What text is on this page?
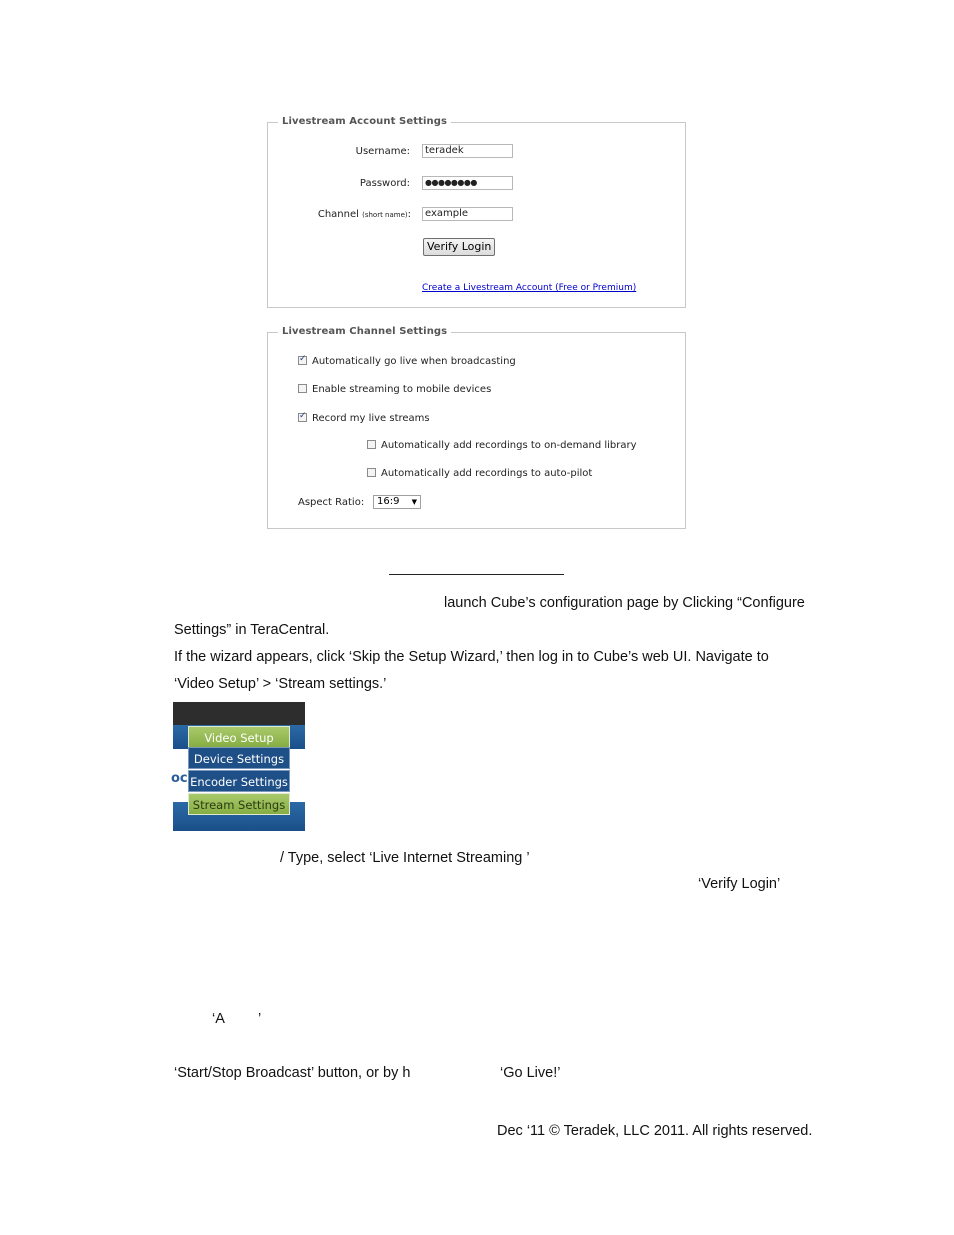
Livestream Account Settings
Username:	teradek
Password:	●●●●●●●●
Channel (short name):	example
Verify Login
Create a Livestream Account (Free or Premium)
Livestream Channel Settings
✓
Automatically go live when broadcasting
Enable streaming to mobile devices
✓
Record my live streams
Automatically add recordings to on-demand library
Automatically add recordings to auto-pilot
Aspect Ratio:	16:9 ▼
launch Cube’s configuration page by Clicking “Configure
Settings” in TeraCentral.
If the wizard appears, click ‘Skip the Setup Wizard,’ then log in to Cube’s web UI. Navigate to
‘Video Setup’ > ‘Stream settings.’
oc
Video Setup
Device Settings
Encoder Settings
Stream Settings
/ Type, select ‘Live Internet Streaming ’
‘Verify Login’
‘A ’
‘Start/Stop Broadcast’ button, or by h	‘Go Live!’
Dec ‘11 © Teradek, LLC 2011. All rights reserved.
